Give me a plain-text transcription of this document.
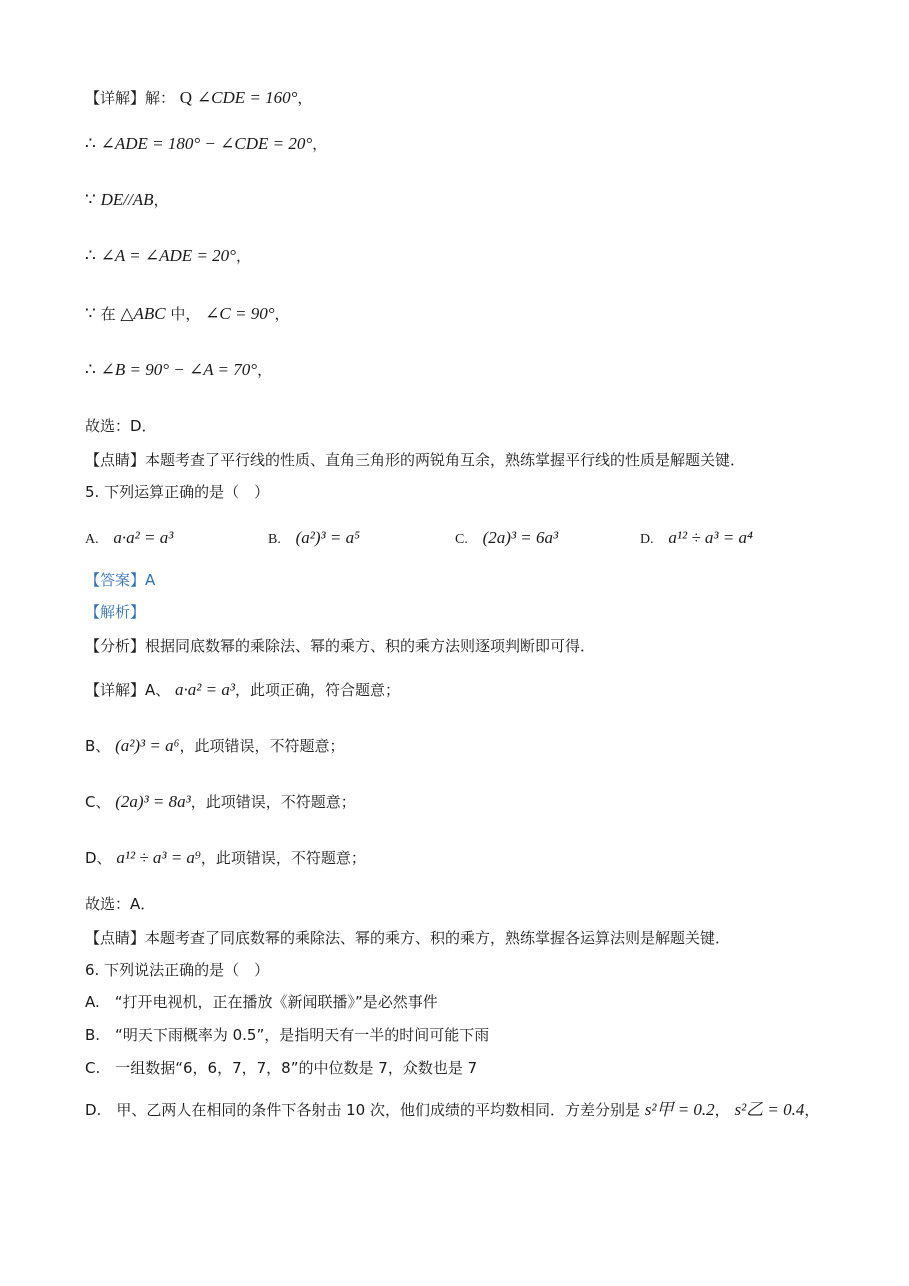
【详解】解： Q ∠CDE = 160°，
∴ ∠ADE = 180° − ∠CDE = 20°，
∵ DE//AB，
∴ ∠A = ∠ADE = 20°，
∵ 在 △ABC 中， ∠C = 90°，
∴ ∠B = 90° − ∠A = 70°，
故选：D．
【点睛】本题考查了平行线的性质、直角三角形的两锐角互余，熟练掌握平行线的性质是解题关键．
5. 下列运算正确的是（　）
A. a·a² = a³	B. (a²)³ = a⁵	C. (2a)³ = 6a³	D. a¹² ÷ a³ = a⁴
【答案】A
【解析】
【分析】根据同底数幂的乘除法、幂的乘方、积的乘方法则逐项判断即可得．
【详解】A、 a·a² = a³，此项正确，符合题意；
B、 (a²)³ = a⁶，此项错误，不符题意；
C、 (2a)³ = 8a³，此项错误，不符题意；
D、 a¹² ÷ a³ = a⁹，此项错误，不符题意；
故选：A．
【点睛】本题考查了同底数幂的乘除法、幂的乘方、积的乘方，熟练掌握各运算法则是解题关键．
6. 下列说法正确的是（　）
A.　“打开电视机，正在播放《新闻联播》”是必然事件
B.　“明天下雨概率为 0.5”，是指明天有一半的时间可能下雨
C.　一组数据“6，6，7，7，8”的中位数是 7，众数也是 7
D.　甲、乙两人在相同的条件下各射击 10 次，他们成绩的平均数相同．方差分别是 s²甲 = 0.2， s²乙 = 0.4，
